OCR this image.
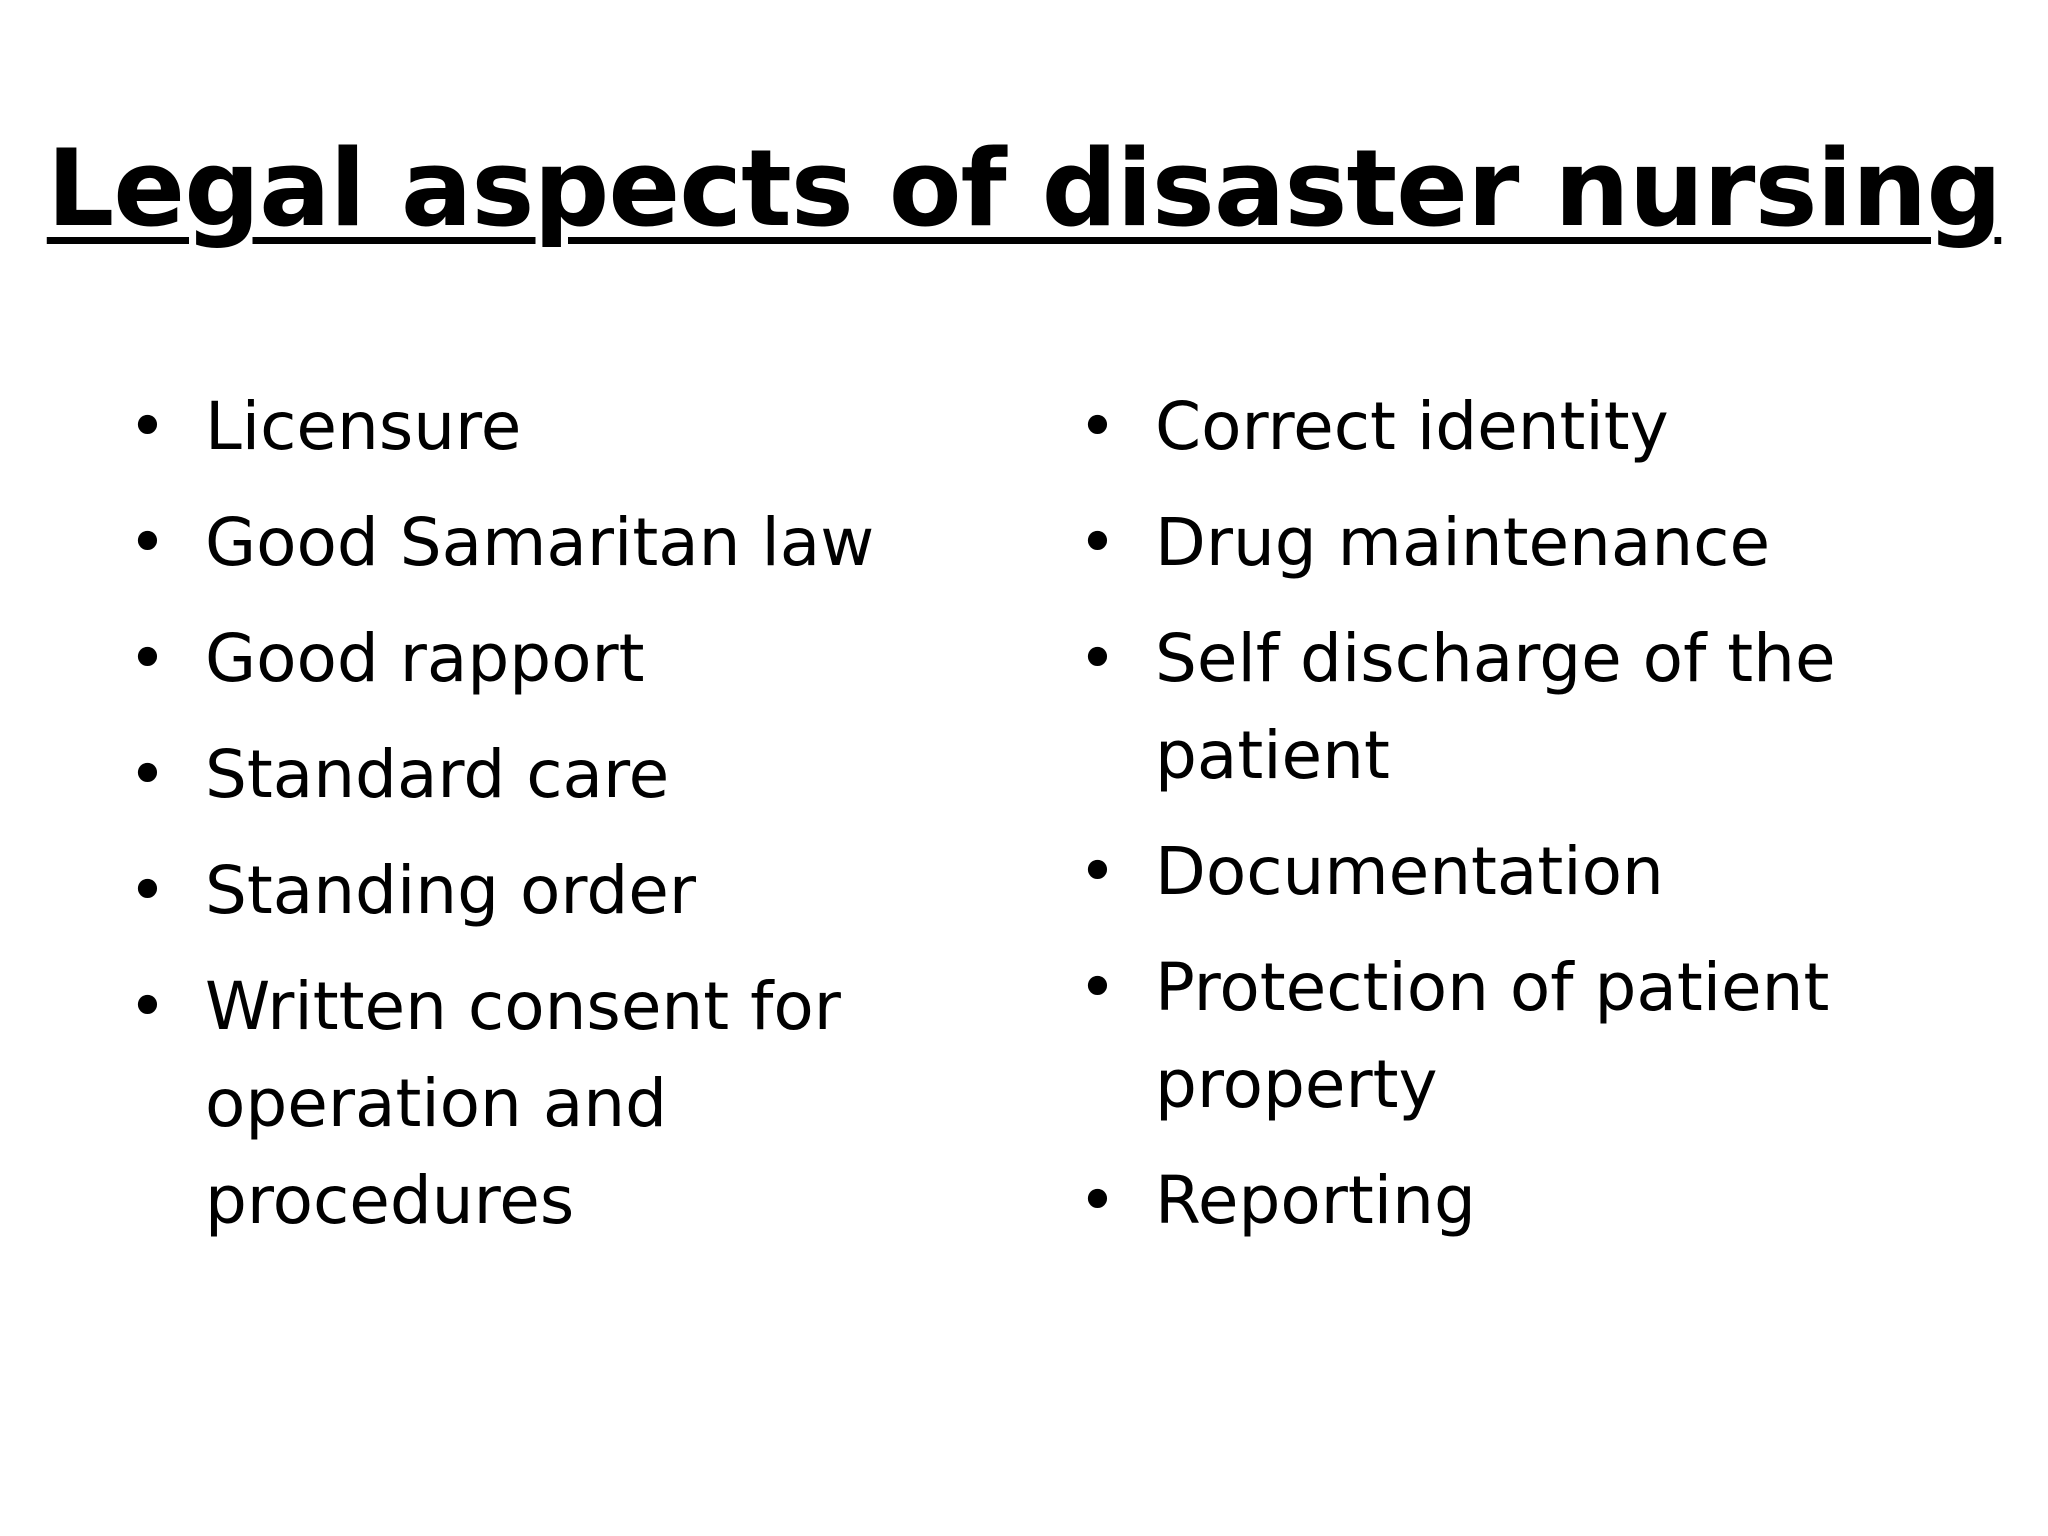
Legal aspects of disaster nursing
• Licensure
• Good Samaritan law
• Good rapport
• Standard care
• Standing order
• Written consent for operation and procedures
• Correct identity
• Drug maintenance
• Self discharge of the patient
• Documentation
• Protection of patient property
• Reporting
